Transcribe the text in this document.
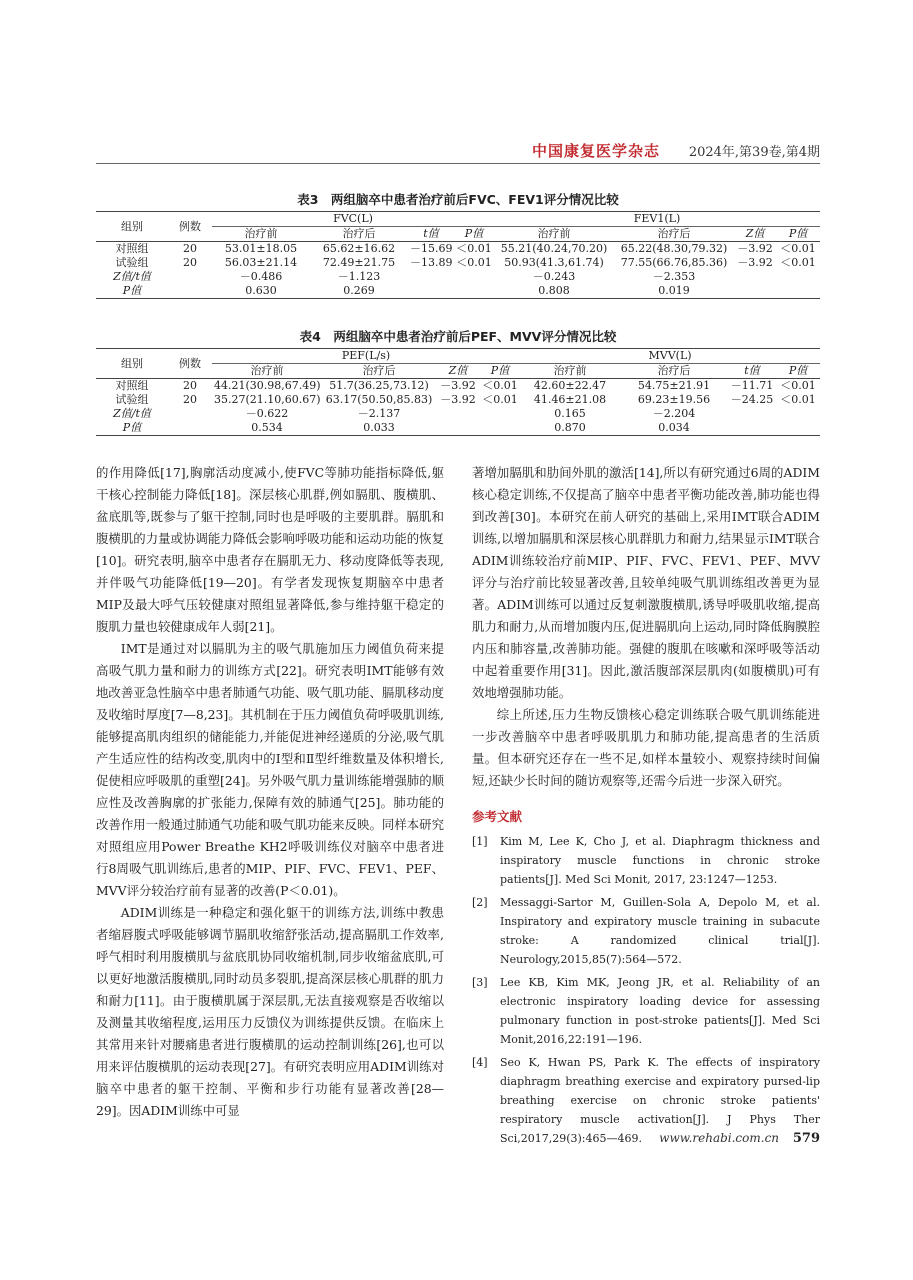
中国康复医学杂志 2024年,第39卷,第4期
表3　两组脑卒中患者治疗前后FVC、FEV1评分情况比较
组别	例数	FVC(L)				FEV1(L)			
		治疗前	治疗后	t值	P值	治疗前	治疗后	Z值	P值
对照组	20	53.01±18.05	65.62±16.62	－15.69	＜0.01	55.21(40.24,70.20)	65.22(48.30,79.32)	－3.92	＜0.01
试验组	20	56.03±21.14	72.49±21.75	－13.89	＜0.01	50.93(41.3,61.74)	77.55(66.76,85.36)	－3.92	＜0.01
Z值/t值		－0.486	－1.123			－0.243	－2.353		
P值		0.630	0.269			0.808	0.019		
表4　两组脑卒中患者治疗前后PEF、MVV评分情况比较
组别	例数	PEF(L/s)				MVV(L)			
		治疗前	治疗后	Z值	P值	治疗前	治疗后	t值	P值
对照组	20	44.21(30.98,67.49)	51.7(36.25,73.12)	－3.92	＜0.01	42.60±22.47	54.75±21.91	－11.71	＜0.01
试验组	20	35.27(21.10,60.67)	63.17(50.50,85.83)	－3.92	＜0.01	41.46±21.08	69.23±19.56	－24.25	＜0.01
Z值/t值		－0.622	－2.137			0.165	－2.204		
P值		0.534	0.033			0.870	0.034		

的作用降低[17],胸廓活动度减小,使FVC等肺功能指标降低,躯干核心控制能力降低[18]。深层核心肌群,例如膈肌、腹横肌、盆底肌等,既参与了躯干控制,同时也是呼吸的主要肌群。膈肌和腹横肌的力量或协调能力降低会影响呼吸功能和运动功能的恢复[10]。研究表明,脑卒中患者存在膈肌无力、移动度降低等表现,并伴吸气功能降低[19—20]。有学者发现恢复期脑卒中患者MIP及最大呼气压较健康对照组显著降低,参与维持躯干稳定的腹肌力量也较健康成年人弱[21]。

IMT是通过对以膈肌为主的吸气肌施加压力阈值负荷来提高吸气肌力量和耐力的训练方式[22]。研究表明IMT能够有效地改善亚急性脑卒中患者肺通气功能、吸气肌功能、膈肌移动度及收缩时厚度[7—8,23]。其机制在于压力阈值负荷呼吸肌训练,能够提高肌肉组织的储能能力,并能促进神经递质的分泌,吸气肌产生适应性的结构改变,肌肉中的Ⅰ型和Ⅱ型纤维数量及体积增长,促使相应呼吸肌的重塑[24]。另外吸气肌力量训练能增强肺的顺应性及改善胸廓的扩张能力,保障有效的肺通气[25]。肺功能的改善作用一般通过肺通气功能和吸气肌功能来反映。同样本研究对照组应用Power Breathe KH2呼吸训练仪对脑卒中患者进行8周吸气肌训练后,患者的MIP、PIF、FVC、FEV1、PEF、MVV评分较治疗前有显著的改善(P＜0.01)。

ADIM训练是一种稳定和强化躯干的训练方法,训练中教患者缩唇腹式呼吸能够调节膈肌收缩舒张活动,提高膈肌工作效率,呼气相时利用腹横肌与盆底肌协同收缩机制,同步收缩盆底肌,可以更好地激活腹横肌,同时动员多裂肌,提高深层核心肌群的肌力和耐力[11]。由于腹横肌属于深层肌,无法直接观察是否收缩以及测量其收缩程度,运用压力反馈仪为训练提供反馈。在临床上其常用来针对腰痛患者进行腹横肌的运动控制训练[26],也可以用来评估腹横肌的运动表现[27]。有研究表明应用ADIM训练对脑卒中患者的躯干控制、平衡和步行功能有显著改善[28—29]。因ADIM训练中可显

著增加膈肌和肋间外肌的激活[14],所以有研究通过6周的ADIM核心稳定训练,不仅提高了脑卒中患者平衡功能改善,肺功能也得到改善[30]。本研究在前人研究的基础上,采用IMT联合ADIM训练,以增加膈肌和深层核心肌群肌力和耐力,结果显示IMT联合ADIM训练较治疗前MIP、PIF、FVC、FEV1、PEF、MVV评分与治疗前比较显著改善,且较单纯吸气肌训练组改善更为显著。ADIM训练可以通过反复刺激腹横肌,诱导呼吸肌收缩,提高肌力和耐力,从而增加腹内压,促进膈肌向上运动,同时降低胸膜腔内压和肺容量,改善肺功能。强健的腹肌在咳嗽和深呼吸等活动中起着重要作用[31]。因此,激活腹部深层肌肉(如腹横肌)可有效地增强肺功能。

综上所述,压力生物反馈核心稳定训练联合吸气肌训练能进一步改善脑卒中患者呼吸肌肌力和肺功能,提高患者的生活质量。但本研究还存在一些不足,如样本量较小、观察持续时间偏短,还缺少长时间的随访观察等,还需今后进一步深入研究。

参考文献
[1] Kim M, Lee K, Cho J, et al. Diaphragm thickness and inspiratory muscle functions in chronic stroke patients[J]. Med Sci Monit, 2017, 23:1247—1253.
[2] Messaggi-Sartor M, Guillen-Sola A, Depolo M, et al. Inspiratory and expiratory muscle training in subacute stroke: A randomized clinical trial[J]. Neurology,2015,85(7):564—572.
[3] Lee KB, Kim MK, Jeong JR, et al. Reliability of an electronic inspiratory loading device for assessing pulmonary function in post-stroke patients[J]. Med Sci Monit,2016,22:191—196.
[4] Seo K, Hwan PS, Park K. The effects of inspiratory diaphragm breathing exercise and expiratory pursed-lip breathing exercise on chronic stroke patients' respiratory muscle activation[J]. J Phys Ther Sci,2017,29(3):465—469.	www.rehabi.com.cn 579
